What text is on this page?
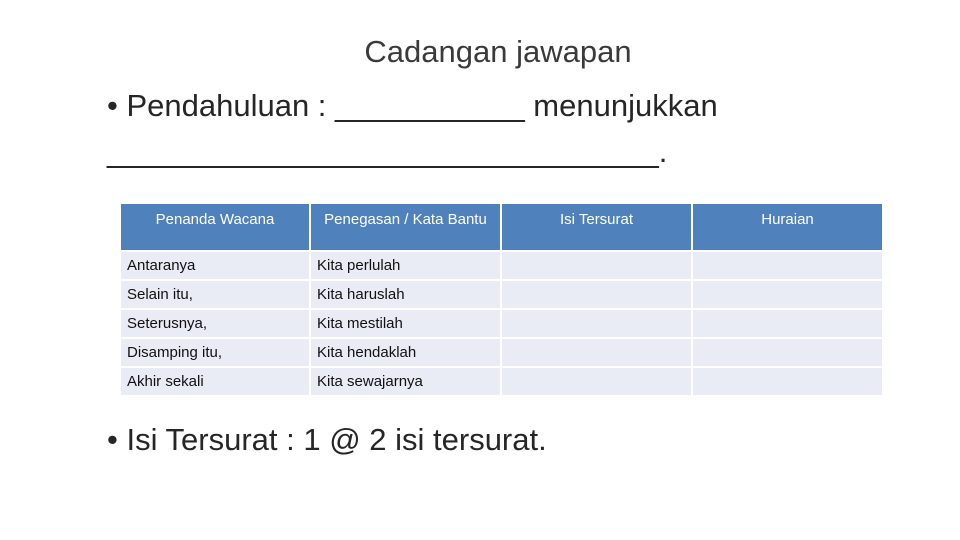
Cadangan jawapan
• Pendahuluan : ___________ menunjukkan
________________________________.
Penanda Wacana	Penegasan / Kata Bantu	Isi Tersurat	Huraian
Antaranya	Kita perlulah		
Selain itu,	Kita haruslah		
Seterusnya,	Kita mestilah		
Disamping itu,	Kita hendaklah		
Akhir sekali	Kita sewajarnya		
• Isi Tersurat : 1 @ 2 isi tersurat.
